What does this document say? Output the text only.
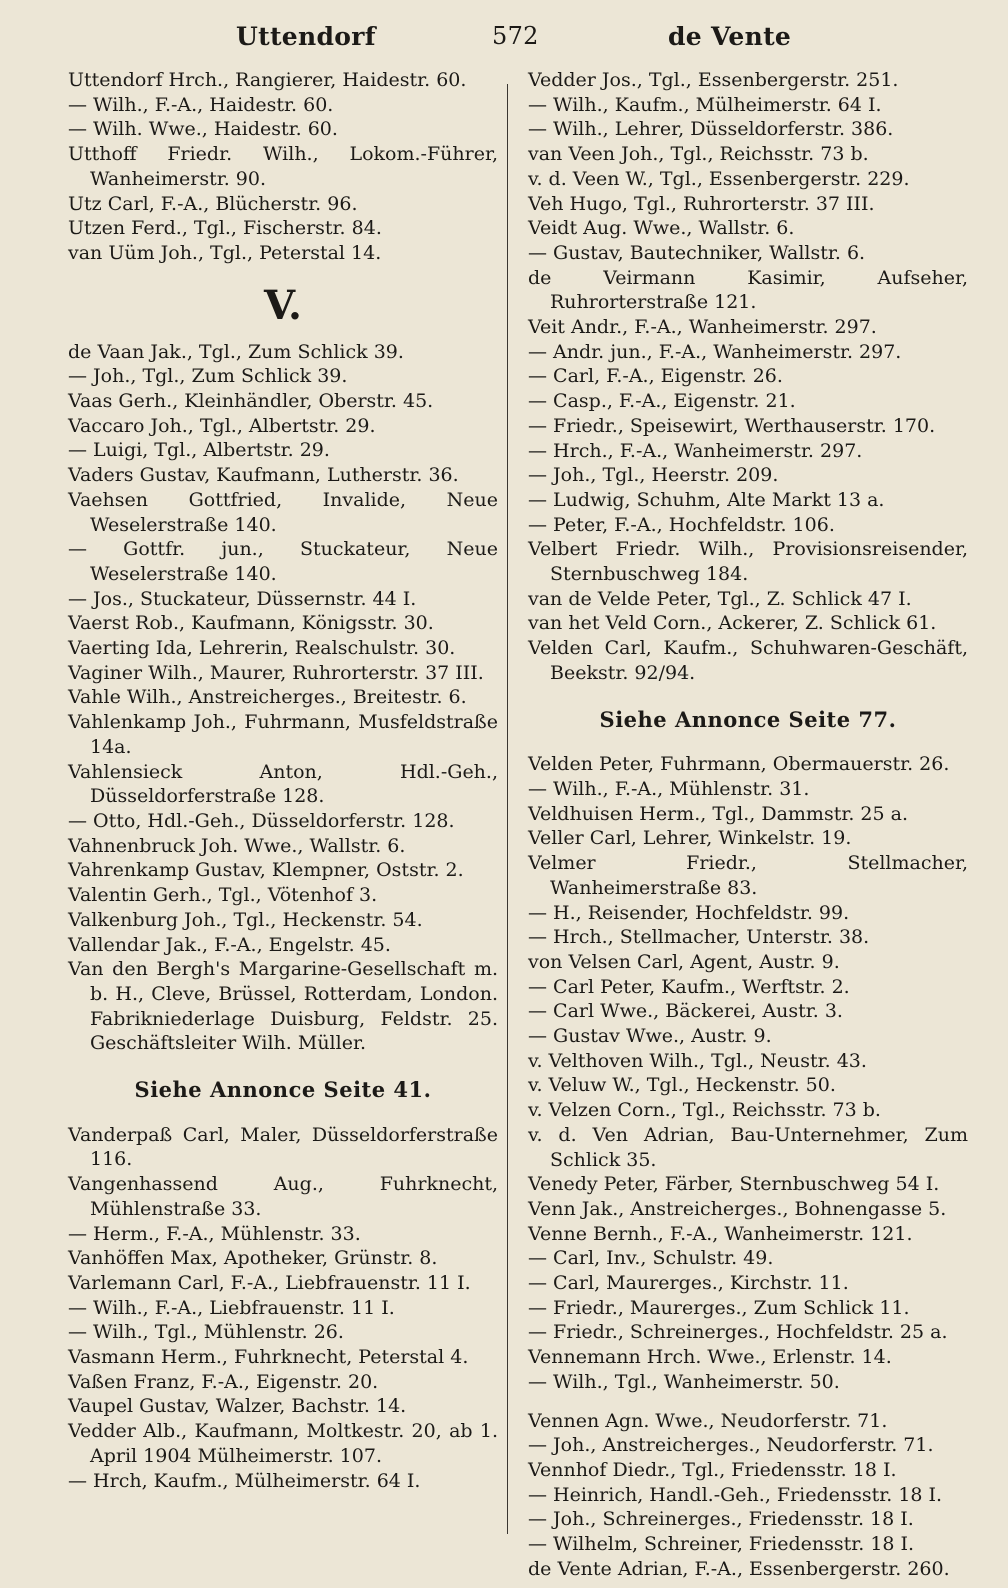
Uttendorf	572	de Vente
Uttendorf Hrch., Rangierer, Haidestr. 60.
— Wilh., F.-A., Haidestr. 60.
— Wilh. Wwe., Haidestr. 60.
Utthoff Friedr. Wilh., Lokom.-Führer, Wanheimerstr. 90.
Utz Carl, F.-A., Blücherstr. 96.
Utzen Ferd., Tgl., Fischerstr. 84.
van Uüm Joh., Tgl., Peterstal 14.
V.
de Vaan Jak., Tgl., Zum Schlick 39.
— Joh., Tgl., Zum Schlick 39.
Vaas Gerh., Kleinhändler, Oberstr. 45.
Vaccaro Joh., Tgl., Albertstr. 29.
— Luigi, Tgl., Albertstr. 29.
Vaders Gustav, Kaufmann, Lutherstr. 36.
Vaehsen Gottfried, Invalide, Neue Weselerstraße 140.
— Gottfr. jun., Stuckateur, Neue Weselerstraße 140.
— Jos., Stuckateur, Düssernstr. 44 I.
Vaerst Rob., Kaufmann, Königsstr. 30.
Vaerting Ida, Lehrerin, Realschulstr. 30.
Vaginer Wilh., Maurer, Ruhrorterstr. 37 III.
Vahle Wilh., Anstreicherges., Breitestr. 6.
Vahlenkamp Joh., Fuhrmann, Musfeldstraße 14a.
Vahlensieck Anton, Hdl.-Geh., Düsseldorferstraße 128.
— Otto, Hdl.-Geh., Düsseldorferstr. 128.
Vahnenbruck Joh. Wwe., Wallstr. 6.
Vahrenkamp Gustav, Klempner, Oststr. 2.
Valentin Gerh., Tgl., Vötenhof 3.
Valkenburg Joh., Tgl., Heckenstr. 54.
Vallendar Jak., F.-A., Engelstr. 45.
Van den Bergh's Margarine-Gesellschaft m. b. H., Cleve, Brüssel, Rotterdam, London. Fabrikniederlage Duisburg, Feldstr. 25. Geschäftsleiter Wilh. Müller.
Siehe Annonce Seite 41.
Vanderpaß Carl, Maler, Düsseldorferstraße 116.
Vangenhassend Aug., Fuhrknecht, Mühlenstraße 33.
— Herm., F.-A., Mühlenstr. 33.
Vanhöffen Max, Apotheker, Grünstr. 8.
Varlemann Carl, F.-A., Liebfrauenstr. 11 I.
— Wilh., F.-A., Liebfrauenstr. 11 I.
— Wilh., Tgl., Mühlenstr. 26.
Vasmann Herm., Fuhrknecht, Peterstal 4.
Vaßen Franz, F.-A., Eigenstr. 20.
Vaupel Gustav, Walzer, Bachstr. 14.
Vedder Alb., Kaufmann, Moltkestr. 20, ab 1. April 1904 Mülheimerstr. 107.
— Hrch, Kaufm., Mülheimerstr. 64 I.
Vedder Jos., Tgl., Essenbergerstr. 251.
— Wilh., Kaufm., Mülheimerstr. 64 I.
— Wilh., Lehrer, Düsseldorferstr. 386.
van Veen Joh., Tgl., Reichsstr. 73 b.
v. d. Veen W., Tgl., Essenbergerstr. 229.
Veh Hugo, Tgl., Ruhrorterstr. 37 III.
Veidt Aug. Wwe., Wallstr. 6.
— Gustav, Bautechniker, Wallstr. 6.
de Veirmann Kasimir, Aufseher, Ruhrorterstraße 121.
Veit Andr., F.-A., Wanheimerstr. 297.
— Andr. jun., F.-A., Wanheimerstr. 297.
— Carl, F.-A., Eigenstr. 26.
— Casp., F.-A., Eigenstr. 21.
— Friedr., Speisewirt, Werthauserstr. 170.
— Hrch., F.-A., Wanheimerstr. 297.
— Joh., Tgl., Heerstr. 209.
— Ludwig, Schuhm, Alte Markt 13 a.
— Peter, F.-A., Hochfeldstr. 106.
Velbert Friedr. Wilh., Provisionsreisender, Sternbuschweg 184.
van de Velde Peter, Tgl., Z. Schlick 47 I.
van het Veld Corn., Ackerer, Z. Schlick 61.
Velden Carl, Kaufm., Schuhwaren-Geschäft, Beekstr. 92/94.
Siehe Annonce Seite 77.
Velden Peter, Fuhrmann, Obermauerstr. 26.
— Wilh., F.-A., Mühlenstr. 31.
Veldhuisen Herm., Tgl., Dammstr. 25 a.
Veller Carl, Lehrer, Winkelstr. 19.
Velmer Friedr., Stellmacher, Wanheimerstraße 83.
— H., Reisender, Hochfeldstr. 99.
— Hrch., Stellmacher, Unterstr. 38.
von Velsen Carl, Agent, Austr. 9.
— Carl Peter, Kaufm., Werftstr. 2.
— Carl Wwe., Bäckerei, Austr. 3.
— Gustav Wwe., Austr. 9.
v. Velthoven Wilh., Tgl., Neustr. 43.
v. Veluw W., Tgl., Heckenstr. 50.
v. Velzen Corn., Tgl., Reichsstr. 73 b.
v. d. Ven Adrian, Bau-Unternehmer, Zum Schlick 35.
Venedy Peter, Färber, Sternbuschweg 54 I.
Venn Jak., Anstreicherges., Bohnengasse 5.
Venne Bernh., F.-A., Wanheimerstr. 121.
— Carl, Inv., Schulstr. 49.
— Carl, Maurerges., Kirchstr. 11.
— Friedr., Maurerges., Zum Schlick 11.
— Friedr., Schreinerges., Hochfeldstr. 25 a.
Vennemann Hrch. Wwe., Erlenstr. 14.
— Wilh., Tgl., Wanheimerstr. 50.
Vennen Agn. Wwe., Neudorferstr. 71.
— Joh., Anstreicherges., Neudorferstr. 71.
Vennhof Diedr., Tgl., Friedensstr. 18 I.
— Heinrich, Handl.-Geh., Friedensstr. 18 I.
— Joh., Schreinerges., Friedensstr. 18 I.
— Wilhelm, Schreiner, Friedensstr. 18 I.
de Vente Adrian, F.-A., Essenbergerstr. 260.
